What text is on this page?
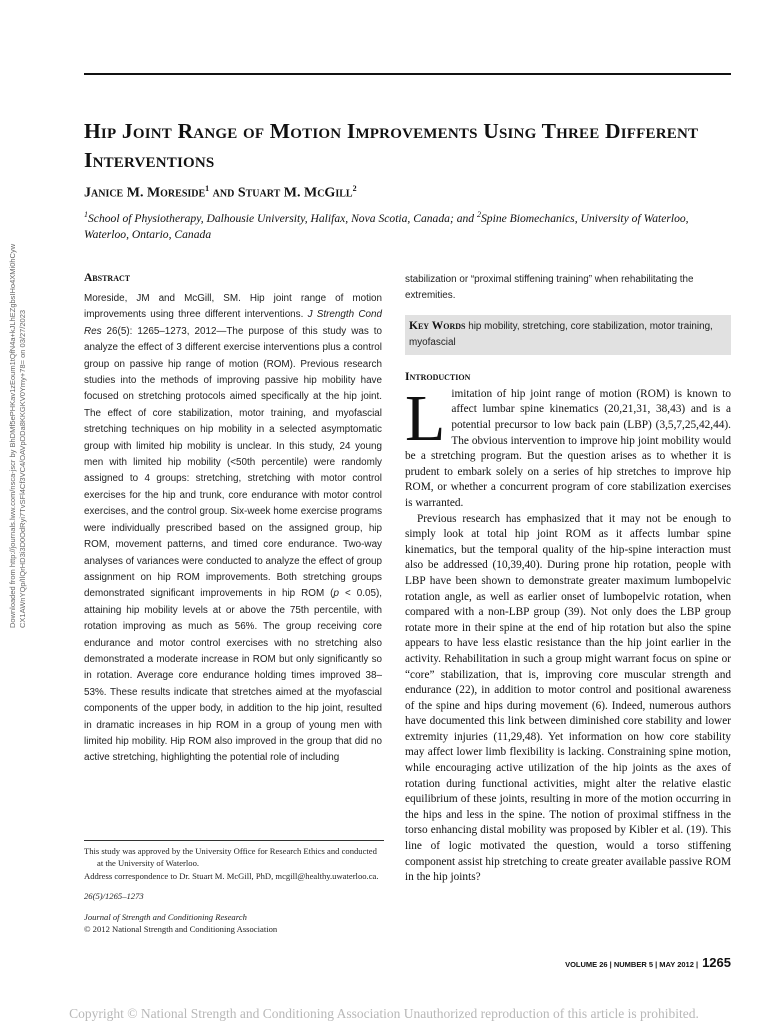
Downloaded from http://journals.lww.com/nsca-jscr by BhDMf5ePHKav1zEoum1tQfN4a+kJLhEZgbsIHo4XMi0hCyw CX1AWnYQp/IlQrHD3i3D0OdRyi7TvSFl4Cf3VC4/OAVpDDa8KKGKV0Ymy+78= on 03/27/2023
Hip Joint Range of Motion Improvements Using Three Different Interventions
Janice M. Moreside$^1$ and Stuart M. McGill$^2$
$^1$School of Physiotherapy, Dalhousie University, Halifax, Nova Scotia, Canada; and $^2$Spine Biomechanics, University of Waterloo, Waterloo, Ontario, Canada
Abstract

Moreside, JM and McGill, SM. Hip joint range of motion improvements using three different interventions. J Strength Cond Res 26(5): 1265–1273, 2012—The purpose of this study was to analyze the effect of 3 different exercise interventions plus a control group on passive hip range of motion (ROM). Previous research studies into the methods of improving passive hip mobility have focused on stretching protocols aimed specifically at the hip joint. The effect of core stabilization, motor training, and myofascial stretching techniques on hip mobility in a selected asymptomatic group with limited hip mobility is unclear. In this study, 24 young men with limited hip mobility (<50th percentile) were randomly assigned to 4 groups: stretching, stretching with motor control exercises for the hip and trunk, core endurance with motor control exercises, and the control group. Six-week home exercise programs were individually prescribed based on the assigned group, hip ROM, movement patterns, and timed core endurance. Two-way analyses of variances were conducted to analyze the effect of group assignment on hip ROM improvements. Both stretching groups demonstrated significant improvements in hip ROM (p < 0.05), attaining hip mobility levels at or above the 75th percentile, with rotation improving as much as 56%. The group receiving core endurance and motor control exercises with no stretching also demonstrated a moderate increase in ROM but only significantly so in rotation. Average core endurance holding times improved 38–53%. These results indicate that stretches aimed at the myofascial components of the upper body, in addition to the hip joint, resulted in dramatic increases in hip ROM in a group of young men with limited hip mobility. Hip ROM also improved in the group that did no active stretching, highlighting the potential role of including

This study was approved by the University Office for Research Ethics and conducted at the University of Waterloo.

Address correspondence to Dr. Stuart M. McGill, PhD, mcgill@healthy.uwaterloo.ca.

26(5)/1265–1273

Journal of Strength and Conditioning Research

© 2012 National Strength and Conditioning Association

stabilization or “proximal stiffening training” when rehabilitating the extremities.

Key Words hip mobility, stretching, core stabilization, motor training, myofascial
Introduction

Limitation of hip joint range of motion (ROM) is known to affect lumbar spine kinematics (20,21,31, 38,43) and is a potential precursor to low back pain (LBP) (3,5,7,25,42,44). The obvious intervention to improve hip joint mobility would be a stretching program. But the question arises as to whether it is prudent to embark solely on a series of hip stretches to improve hip ROM, or whether a concurrent program of core stabilization exercises is warranted.

Previous research has emphasized that it may not be enough to simply look at total hip joint ROM as it affects lumbar spine kinematics, but the temporal quality of the hip-spine interaction must also be addressed (10,39,40). During prone hip rotation, people with LBP have been shown to demonstrate greater maximum lumbopelvic rotation angle, as well as earlier onset of lumbopelvic rotation, when compared with a non-LBP group (39). Not only does the LBP group rotate more in their spine at the end of hip rotation but also the spine appears to have less elastic resistance than the hip joint earlier in the activity. Rehabilitation in such a group might warrant focus on spine or “core” stabilization, that is, improving core muscular strength and endurance (22), in addition to motor control and positional awareness of the spine and hips during movement (6). Indeed, numerous authors have documented this link between diminished core stability and lower extremity injuries (11,29,48). Yet information on how core stability may affect lower limb flexibility is lacking. Constraining spine motion, while encouraging active utilization of the hip joints as the axes of rotation during functional activities, might alter the relative elastic equilibrium of these joints, resulting in more of the motion occurring in the hips and less in the spine. The notion of proximal stiffness in the torso enhancing distal mobility was proposed by Kibler et al. (19). This line of logic motivated the question, would a torso stiffening component assist hip stretching to create greater available passive ROM in the hip joints?

VOLUME 26 | NUMBER 5 | MAY 2012 | 1265
Copyright © National Strength and Conditioning Association Unauthorized reproduction of this article is prohibited.
